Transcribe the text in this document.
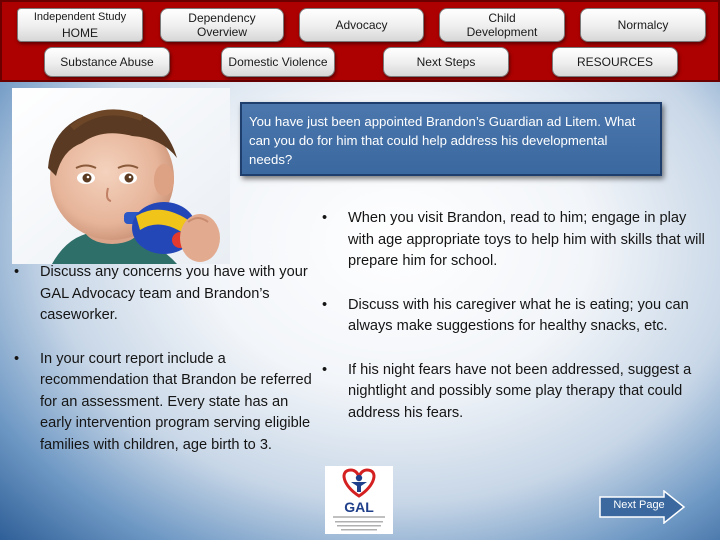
Independent Study
HOME
Dependency
Overview	Advocacy	Child
Development	Normalcy
Substance Abuse	Domestic Violence	Next Steps	RESOURCES
You have just been appointed Brandon’s Guardian ad Litem. What can you do for him that could help address his developmental needs?
• Discuss any concerns you have with your GAL Advocacy team and Brandon’s caseworker.
• In your court report include a recommendation that Brandon be referred for an assessment. Every state has an early intervention program serving eligible families with children, age birth to 3.
• When you visit Brandon, read to him; engage in play with age appropriate toys to help him with skills that will prepare him for school.
• Discuss with his caregiver what he is eating; you can always make suggestions for healthy snacks, etc.
• If his night fears have not been addressed, suggest a nightlight and possibly some play therapy that could address his fears.
GAL	Next Page
